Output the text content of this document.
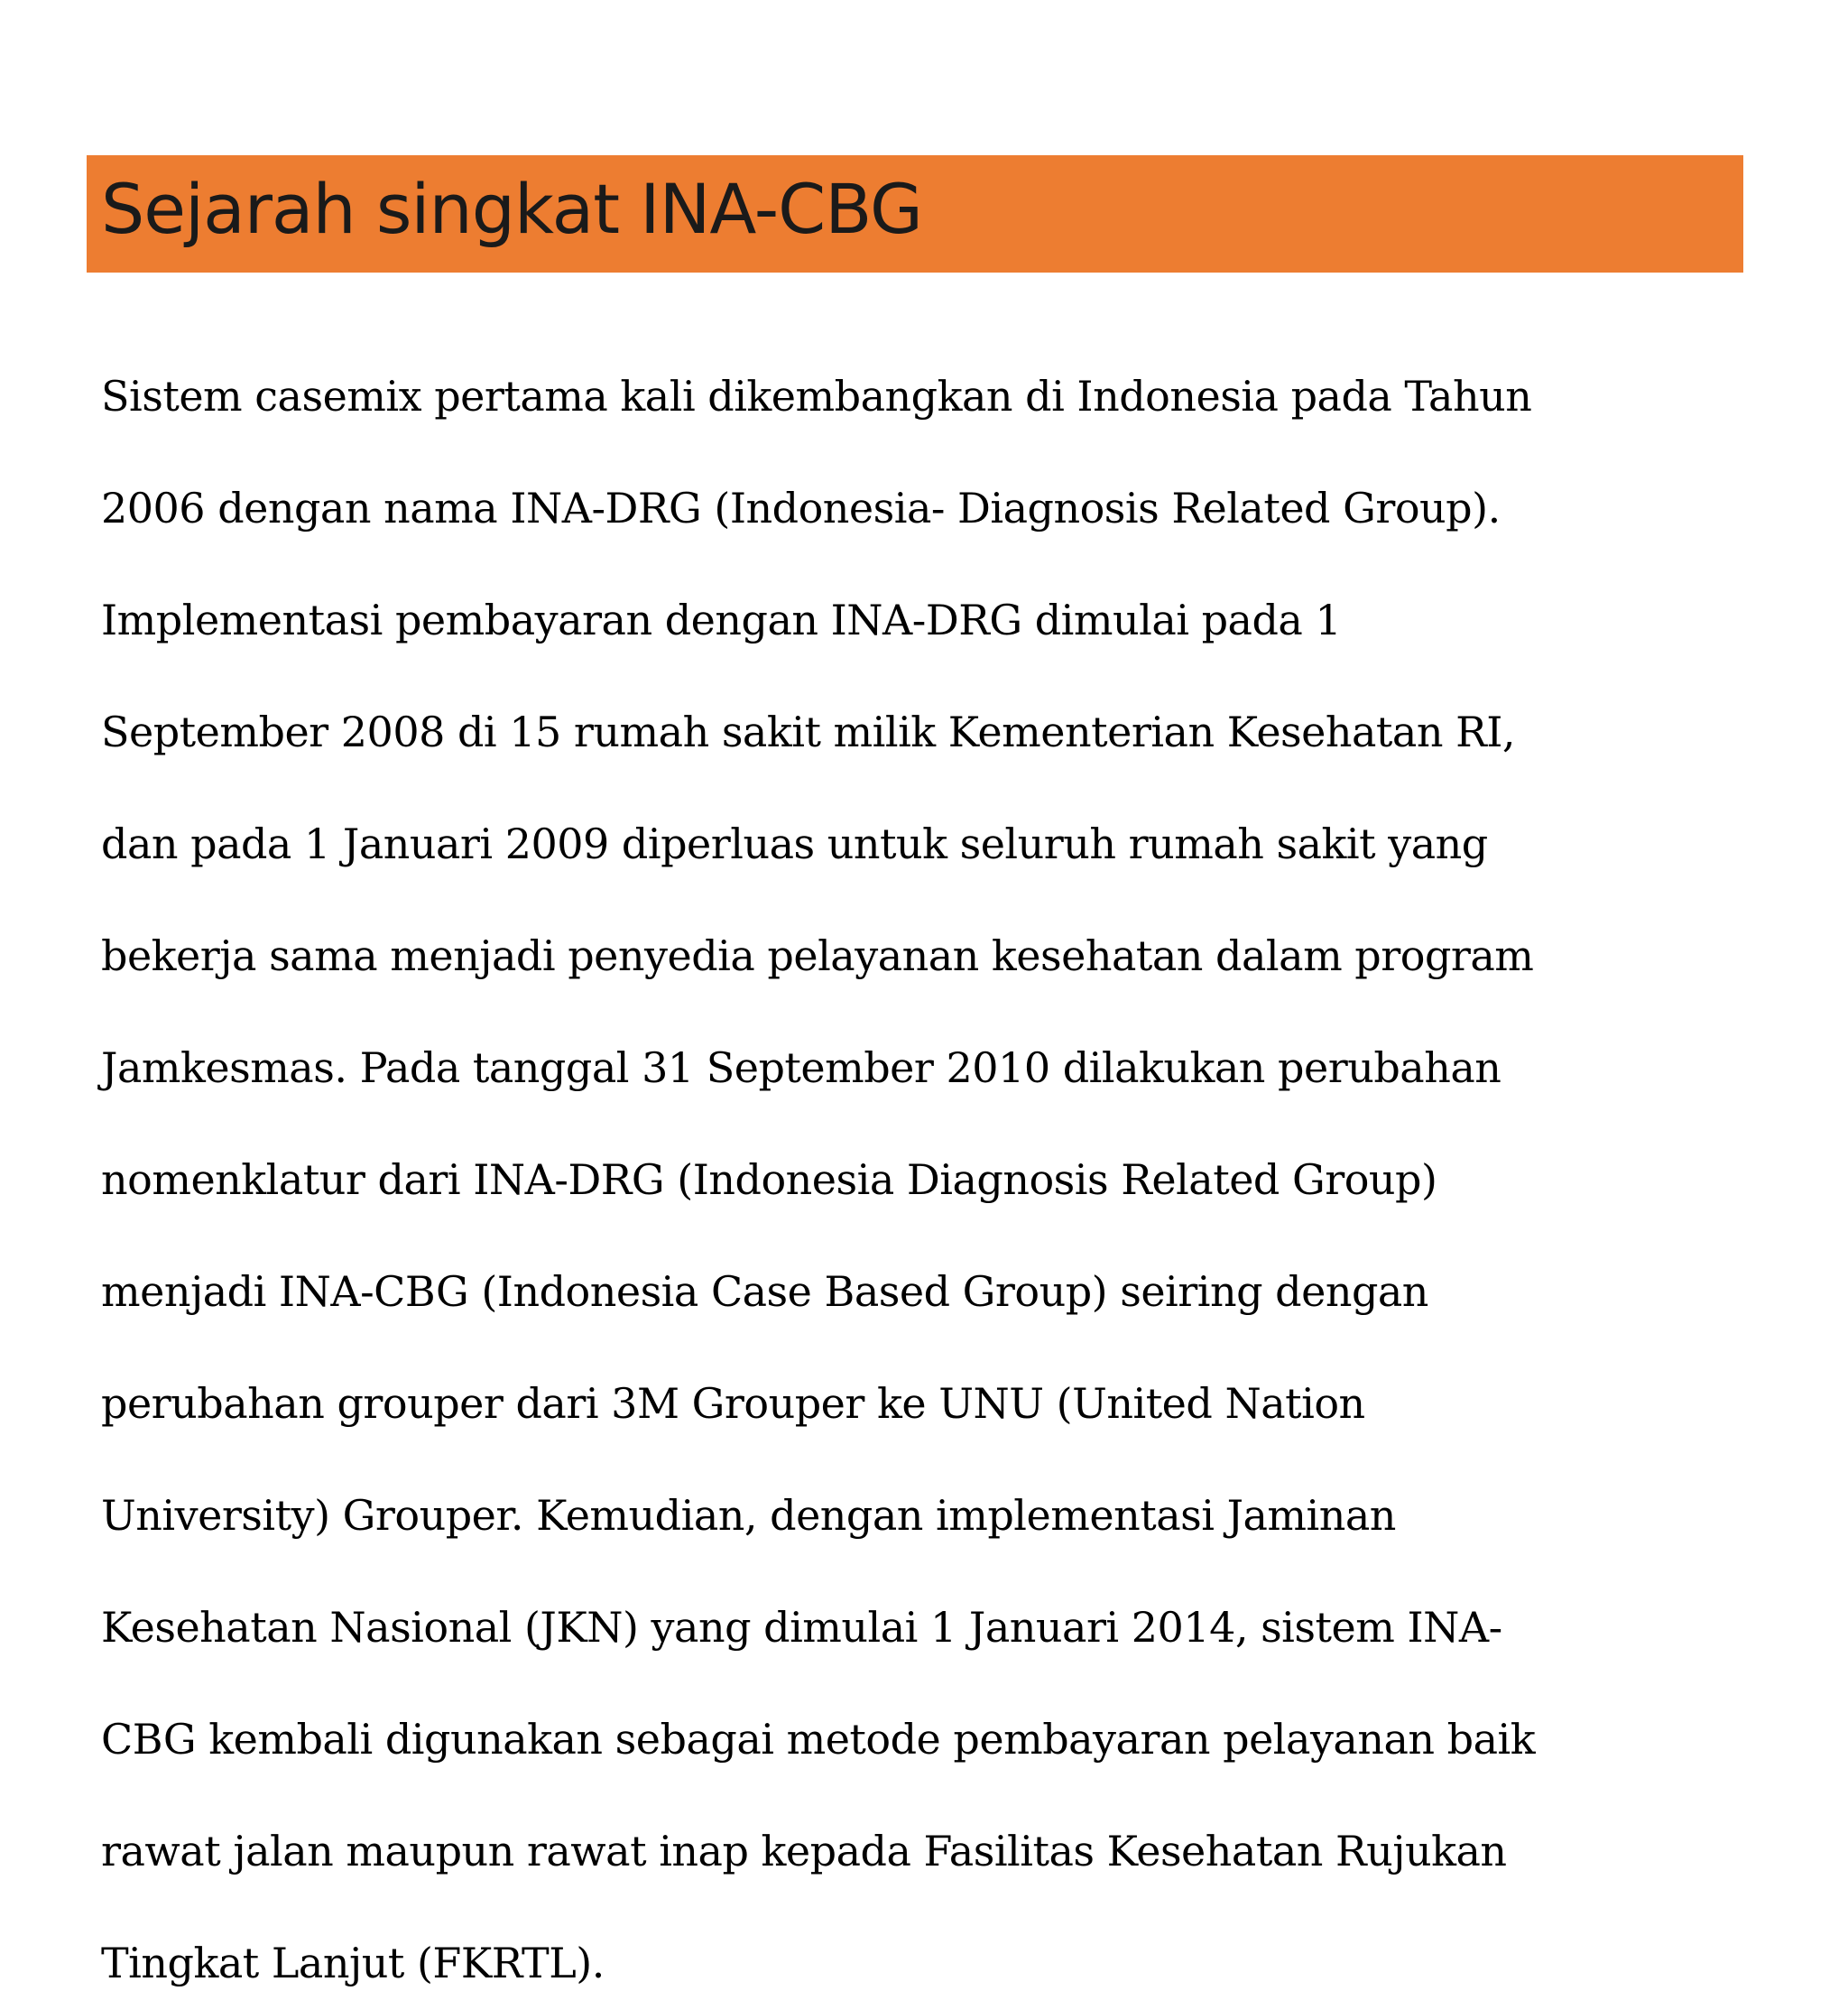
Sejarah singkat INA-CBG

Sistem casemix pertama kali dikembangkan di Indonesia pada Tahun

2006 dengan nama INA-DRG (Indonesia- Diagnosis Related Group).

Implementasi pembayaran dengan INA-DRG dimulai pada 1

September 2008 di 15 rumah sakit milik Kementerian Kesehatan RI,

dan pada 1 Januari 2009 diperluas untuk seluruh rumah sakit yang

bekerja sama menjadi penyedia pelayanan kesehatan dalam program

Jamkesmas. Pada tanggal 31 September 2010 dilakukan perubahan

nomenklatur dari INA-DRG (Indonesia Diagnosis Related Group)

menjadi INA-CBG (Indonesia Case Based Group) seiring dengan

perubahan grouper dari 3M Grouper ke UNU (United Nation

University) Grouper. Kemudian, dengan implementasi Jaminan

Kesehatan Nasional (JKN) yang dimulai 1 Januari 2014, sistem INA-

CBG kembali digunakan sebagai metode pembayaran pelayanan baik

rawat jalan maupun rawat inap kepada Fasilitas Kesehatan Rujukan

Tingkat Lanjut (FKRTL).
